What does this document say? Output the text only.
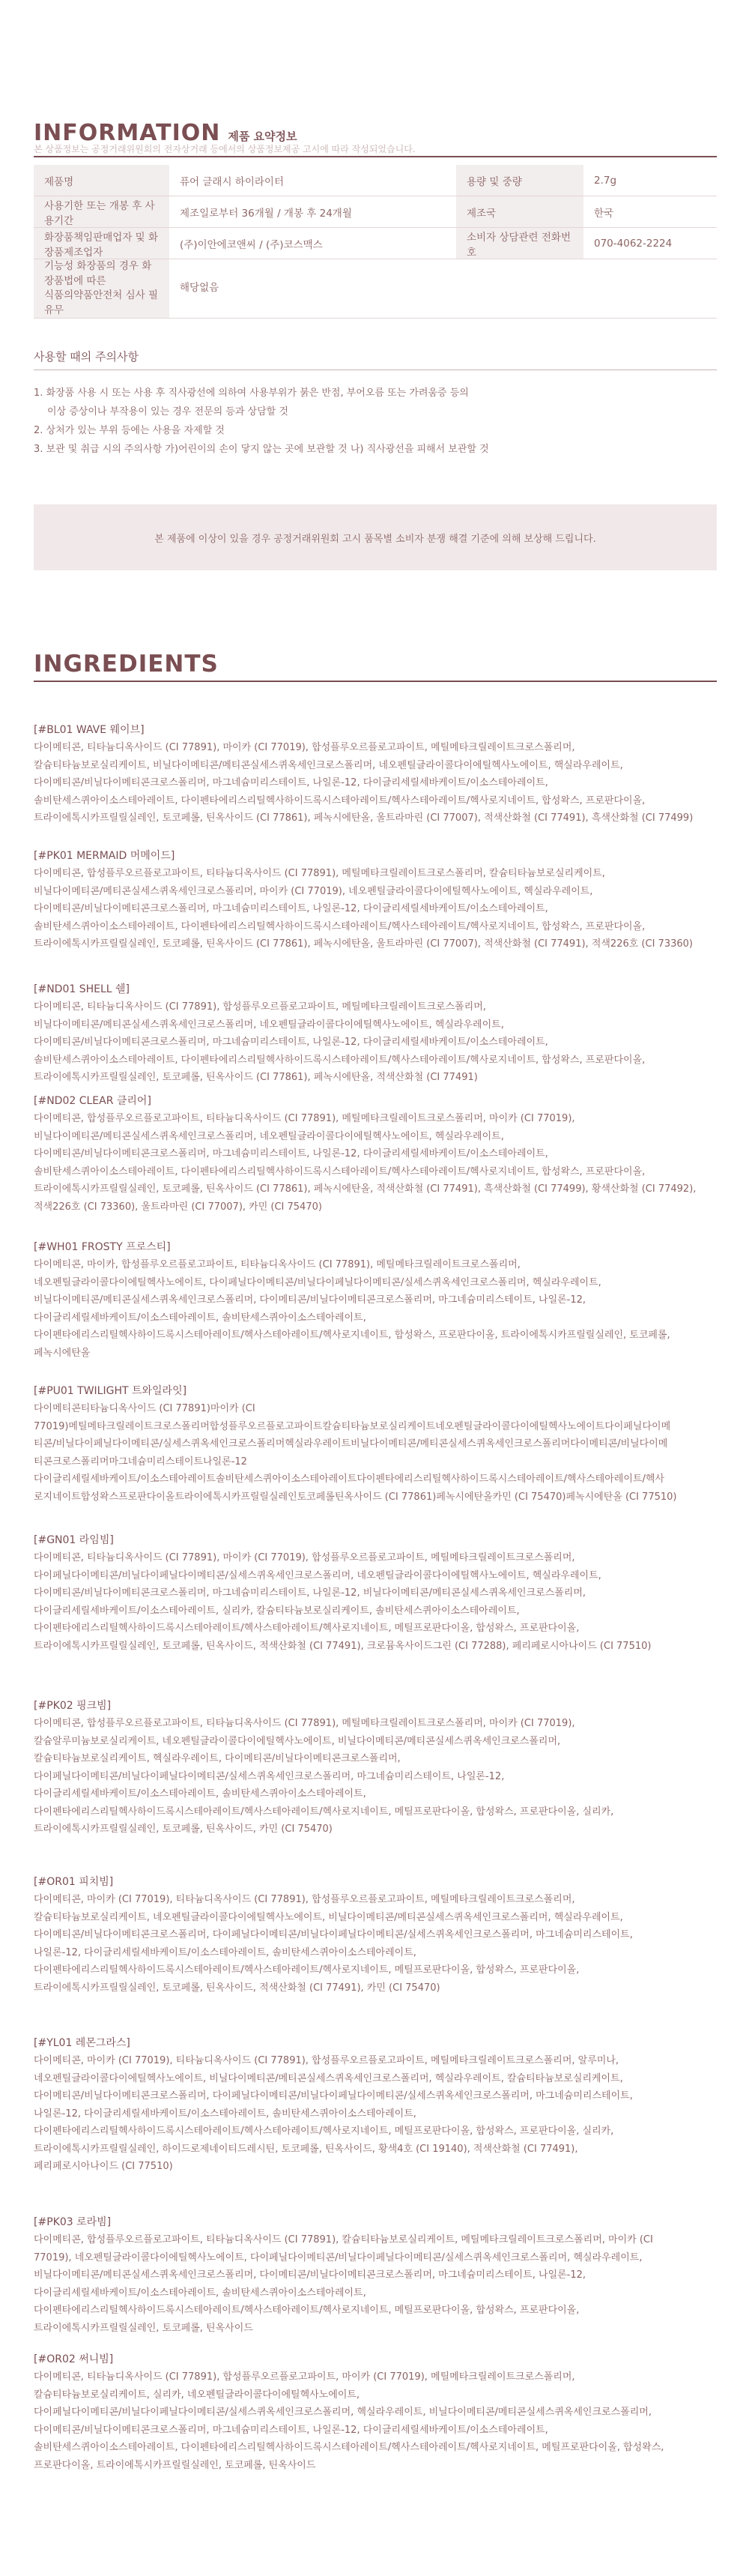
INFORMATION 제품 요약정보
본 상품정보는 공정거래위원회의 전자상거래 등에서의 상품정보제공 고시에 따라 작성되었습니다.
제품명	퓨어 글래시 하이라이터	용량 및 중량	2.7g
사용기한 또는 개봉 후 사용기간	제조일로부터 36개월 / 개봉 후 24개월	제조국	한국
화장품책임판매업자 및 화장품제조업자	(주)이안에코앤씨 / (주)코스맥스	소비자 상담관련 전화번호	070-4062-2224
기능성 화장품의 경우 화장품법에 따른
식품의약품안전처 심사 필 유무	해당없음		
사용할 때의 주의사항
1. 화장품 사용 시 또는 사용 후 직사광선에 의하여 사용부위가 붉은 반점, 부어오름 또는 가려움증 등의
이상 증상이나 부작용이 있는 경우 전문의 등과 상담할 것
2. 상처가 있는 부위 등에는 사용을 자제할 것
3. 보관 및 취급 시의 주의사항 가)어린이의 손이 닿지 않는 곳에 보관할 것 나) 직사광선을 피해서 보관할 것
본 제품에 이상이 있을 경우 공정거래위원회 고시 품목별 소비자 분쟁 해결 기준에 의해 보상해 드립니다.
INGREDIENTS
[#BL01 WAVE 웨이브]
다이메티콘, 티타늄디옥사이드 (CI 77891), 마이카 (CI 77019), 합성플루오르플로고파이트, 메틸메타크릴레이트크로스폴리머,
칼슘티타늄보로실리케이트, 비닐다이메티콘/메티콘실세스퀴옥세인크로스폴리머, 네오펜틸글라이콜다이에틸헥사노에이트, 핵실라우레이트,
다이메티콘/비닐다이메티콘크로스폴리머, 마그네슘미리스테이트, 나일론-12, 다이글리세릴세바케이트/이소스테아레이트,
솔비탄세스퀴아이소스테아레이트, 다이펜타에리스리틸헥사하이드록시스테아레이트/헥사스테아레이트/헥사로지네이트, 합성왁스, 프로판다이올,
트라이에톡시카프릴릴실레인, 토코페롤, 틴옥사이드 (CI 77861), 페녹시에탄올, 울트라마린 (CI 77007), 적색산화철 (CI 77491), 흑색산화철 (CI 77499)
[#PK01 MERMAID 머메이드]
다이메티콘, 합성플루오르플로고파이트, 티타늄디옥사이드 (CI 77891), 메틸메타크릴레이트크로스폴리머, 칼슘티타늄보로실리케이트,
비닐다이메티콘/메티콘실세스퀴옥세인크로스폴리머, 마이카 (CI 77019), 네오펜틸글라이콜다이에틸헥사노에이트, 헥실라우레이트,
다이메티콘/비닐다이메티콘크로스폴리머, 마그네슘미리스테이트, 나일론-12, 다이글리세릴세바케이트/이소스테아레이트,
솔비탄세스퀴아이소스테아레이트, 다이펜타에리스리틸헥사하이드록시스테아레이트/헥사스테아레이트/헥사로지네이트, 합성왁스, 프로판다이올,
트라이에톡시카프릴릴실레인, 토코페롤, 틴옥사이드 (CI 77861), 페녹시에탄올, 울트라마린 (CI 77007), 적색산화철 (CI 77491), 적색226호 (CI 73360)
[#ND01 SHELL 쉘]
다이메티콘, 티타늄디옥사이드 (CI 77891), 합성플루오르플로고파이트, 메틸메타크릴레이트크로스폴리머,
비닐다이메티콘/메티콘실세스퀴옥세인크로스폴리머, 네오펜틸글라이콜다이에틸헥사노에이트, 헥실라우레이트,
다이메티콘/비닐다이메티콘크로스폴리머, 마그네슘미리스테이트, 나일론-12, 다이글리세릴세바케이트/이소스테아레이트,
솔비탄세스퀴아이소스테아레이트, 다이펜타에리스리틸헥사하이드록시스테아레이트/헥사스테아레이트/헥사로지네이트, 합성왁스, 프로판다이올,
트라이에톡시카프릴릴실레인, 토코페롤, 틴옥사이드 (CI 77861), 페녹시에탄올, 적색산화철 (CI 77491)
[#ND02 CLEAR 클리어]
다이메티콘, 합성플루오르플로고파이트, 티타늄디옥사이드 (CI 77891), 메틸메타크릴레이트크로스폴리머, 마이카 (CI 77019),
비닐다이메티콘/메티콘실세스퀴옥세인크로스폴리머, 네오펜틸글라이콜다이에틸헥사노에이트, 헥실라우레이트,
다이메티콘/비닐다이메티콘크로스폴리머, 마그네슘미리스테이트, 나일론-12, 다이글리세릴세바케이트/이소스테아레이트,
솔비탄세스퀴아이소스테아레이트, 다이펜타에리스리틸헥사하이드록시스테아레이트/헥사스테아레이트/헥사로지네이트, 합성왁스, 프로판다이올,
트라이에톡시카프릴릴실레인, 토코페롤, 틴옥사이드 (CI 77861), 페녹시에탄올, 적색산화철 (CI 77491), 흑색산화철 (CI 77499), 황색산화철 (CI 77492),
적색226호 (CI 73360), 울트라마린 (CI 77007), 카민 (CI 75470)
[#WH01 FROSTY 프로스티]
다이메티콘, 마이카, 합성플루오르플로고파이트, 티타늄디옥사이드 (CI 77891), 메틸메타크릴레이트크로스폴리머,
네오펜틸글라이콜다이에틸헥사노에이트, 다이페닐다이메티콘/비닐다이페닐다이메티콘/실세스퀴옥세인크로스폴리머, 헥실라우레이트,
비닐다이메티콘/메티콘실세스퀴옥세인크로스폴리머, 다이메티콘/비닐다이메티콘크로스폴리머, 마그네슘미리스테이트, 나일론-12,
다이글리세릴세바케이트/이소스테아레이트, 솔비탄세스퀴아이소스테아레이트,
다이펜타에리스리틸헥사하이드록시스테아레이트/헥사스테아레이트/헥사로지네이트, 합성왁스, 프로판다이올, 트라이에톡시카프릴릴실레인, 토코페롤,
페녹시에탄올
[#PU01 TWILIGHT 트와일라잇]
다이메티콘티타늄디옥사이드 (CI 77891)마이카 (CI
77019)메틸메타크릴레이트크로스폴리머합성플루오르플로고파이트칼슘티타늄보로실리케이트네오펜틸글라이콜다이에틸헥사노에이트다이페닐다이메
티콘/비닐다이페닐다이메티콘/실세스퀴옥세인크로스폴리머헥실라우레이트비닐다이메티콘/메티콘실세스퀴옥세인크로스폴리머다이메티콘/비닐다이메
티콘크로스폴리머마그네슘미리스테이트나일론-12
다이글리세릴세바케이트/이소스테아레이트솔비탄세스퀴아이소스테아레이트다이펜타에리스리틸헥사하이드록시스테아레이트/헥사스테아레이트/헥사
로지네이트합성왁스프로판다이올트라이에톡시카프릴릴실레인토코페롤틴옥사이드 (CI 77861)페녹시에탄올카민 (CI 75470)페녹시에탄올 (CI 77510)
[#GN01 라임빔]
다이메티콘, 티타늄디옥사이드 (CI 77891), 마이카 (CI 77019), 합성플루오르플로고파이트, 메틸메타크릴레이트크로스폴리머,
다이페닐다이메티콘/비닐다이페닐다이메티콘/실세스퀴옥세인크로스폴리머, 네오펜틸글라이콜다이에틸헥사노에이트, 헥실라우레이트,
다이메티콘/비닐다이메티콘크로스폴리머, 마그네슘미리스테이트, 나일론-12, 비닐다이메티콘/메티콘실세스퀴옥세인크로스폴리머,
다이글리세릴세바케이트/이소스테아레이트, 실리카, 칼슘티타늄보로실리케이트, 솔비탄세스퀴아이소스테아레이트,
다이펜타에리스리틸헥사하이드록시스테아레이트/헥사스테아레이트/헥사로지네이트, 메틸프로판다이올, 합성왁스, 프로판다이올,
트라이에톡시카프릴릴실레인, 토코페롤, 틴옥사이드, 적색산화철 (CI 77491), 크로뮴옥사이드그린 (CI 77288), 페리페로시아나이드 (CI 77510)
[#PK02 핑크빔]
다이메티콘, 합성플루오르플로고파이트, 티타늄디옥사이드 (CI 77891), 메틸메타크릴레이트크로스폴리머, 마이카 (CI 77019),
칼슘알루미늄보로실리케이트, 네오펜틸글라이콜다이에틸헥사노에이트, 비닐다이메티콘/메티콘실세스퀴옥세인크로스폴리머,
칼슘티타늄보로실리케이트, 헥실라우레이트, 다이메티콘/비닐다이메티콘크로스폴리머,
다이페닐다이메티콘/비닐다이페닐다이메티콘/실세스퀴옥세인크로스폴리머, 마그네슘미리스테이트, 나일론-12,
다이글리세릴세바케이트/이소스테아레이트, 솔비탄세스퀴아이소스테아레이트,
다이펜타에리스리틸헥사하이드록시스테아레이트/헥사스테아레이트/헥사로지네이트, 메틸프로판다이올, 합성왁스, 프로판다이올, 실리카,
트라이에톡시카프릴릴실레인, 토코페롤, 틴옥사이드, 카민 (CI 75470)
[#OR01 피치빔]
다이메티콘, 마이카 (CI 77019), 티타늄디옥사이드 (CI 77891), 합성플루오르플로고파이트, 메틸메타크릴레이트크로스폴리머,
칼슘티타늄보로실리케이트, 네오펜틸글라이콜다이에틸헥사노에이트, 비닐다이메티콘/메티콘실세스퀴옥세인크로스폴리머, 헥실라우레이트,
다이메티콘/비닐다이메티콘크로스폴리머, 다이페닐다이메티콘/비닐다이페닐다이메티콘/실세스퀴옥세인크로스폴리머, 마그네슘미리스테이트,
나일론-12, 다이글리세릴세바케이트/이소스테아레이트, 솔비탄세스퀴아이소스테아레이트,
다이펜타에리스리틸헥사하이드록시스테아레이트/헥사스테아레이트/헥사로지네이트, 메틸프로판다이올, 합성왁스, 프로판다이올,
트라이에톡시카프릴릴실레인, 토코페롤, 틴옥사이드, 적색산화철 (CI 77491), 카민 (CI 75470)
[#YL01 레몬그라스]
다이메티콘, 마이카 (CI 77019), 티타늄디옥사이드 (CI 77891), 합성플루오르플로고파이트, 메틸메타크릴레이트크로스폴리머, 알루미나,
네오펜틸글라이콜다이에틸헥사노에이트, 비닐다이메티콘/메티콘실세스퀴옥세인크로스폴리머, 헥실라우레이트, 칼슘티타늄보로실리케이트,
다이메티콘/비닐다이메티콘크로스폴리머, 다이페닐다이메티콘/비닐다이페닐다이메티콘/실세스퀴옥세인크로스폴리머, 마그네슘미리스테이트,
나일론-12, 다이글리세릴세바케이트/이소스테아레이트, 솔비탄세스퀴아이소스테아레이트,
다이펜타에리스리틸헥사하이드록시스테아레이트/헥사스테아레이트/헥사로지네이트, 메틸프로판다이올, 합성왁스, 프로판다이올, 실리카,
트라이에톡시카프릴릴실레인, 하이드로제네이티드레시틴, 토코페롤, 틴옥사이드, 황색4호 (CI 19140), 적색산화철 (CI 77491),
페리페로시아나이드 (CI 77510)
[#PK03 로라빔]
다이메티콘, 합성플루오르플로고파이트, 티타늄디옥사이드 (CI 77891), 칼슘티타늄보로실리케이트, 메틸메타크릴레이트크로스폴리머, 마이카 (CI
77019), 네오펜틸글라이콜다이에틸헥사노에이트, 다이페닐다이메티콘/비닐다이페닐다이메티콘/실세스퀴옥세인크로스폴리머, 헥실라우레이트,
비닐다이메티콘/메티콘실세스퀴옥세인크로스폴리머, 다이메티콘/비닐다이메티콘크로스폴리머, 마그네슘미리스테이트, 나일론-12,
다이글리세릴세바케이트/이소스테아레이트, 솔비탄세스퀴아이소스테아레이트,
다이펜타에리스리틸헥사하이드록시스테아레이트/헥사스테아레이트/헥사로지네이트, 메틸프로판다이올, 합성왁스, 프로판다이올,
트라이에톡시카프릴릴실레인, 토코페롤, 틴옥사이드
[#OR02 써니빔]
다이메티콘, 티타늄디옥사이드 (CI 77891), 합성플루오르플로고파이트, 마이카 (CI 77019), 메틸메타크릴레이트크로스폴리머,
칼슘티타늄보로실리케이트, 실리카, 네오펜틸글라이콜다이에틸헥사노에이트,
다이페닐다이메티콘/비닐다이페닐다이메티콘/실세스퀴옥세인크로스폴리머, 헥실라우레이트, 비닐다이메티콘/메티콘실세스퀴옥세인크로스폴리머,
다이메티콘/비닐다이메티콘크로스폴리머, 마그네슘미리스테이트, 나일론-12, 다이글리세릴세바케이트/이소스테아레이트,
솔비탄세스퀴아이소스테아레이트, 다이펜타에리스리틸헥사하이드록시스테아레이트/헥사스테아레이트/헥사로지네이트, 메틸프로판다이올, 합성왁스,
프로판다이올, 트라이에톡시카프릴릴실레인, 토코페롤, 틴옥사이드
